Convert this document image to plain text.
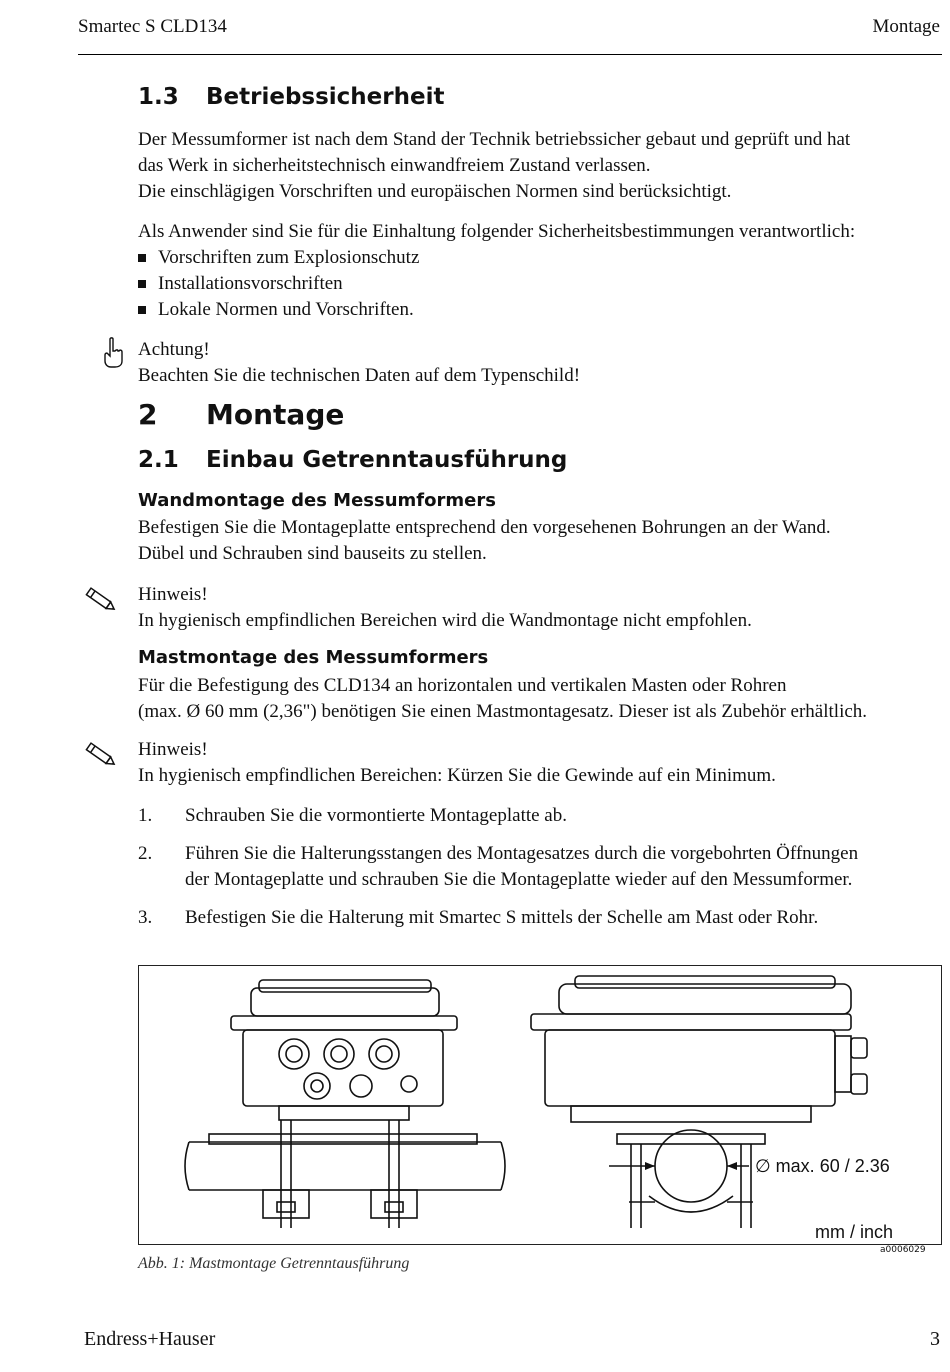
Smartec S CLD134	Montage
1.3 Betriebssicherheit
Der Messumformer ist nach dem Stand der Technik betriebssicher gebaut und geprüft und hat
das Werk in sicherheitstechnisch einwandfreiem Zustand verlassen.
Die einschlägigen Vorschriften und europäischen Normen sind berücksichtigt.
Als Anwender sind Sie für die Einhaltung folgender Sicherheitsbestimmungen verantwortlich:
Vorschriften zum Explosionschutz
Installationsvorschriften
Lokale Normen und Vorschriften.
Achtung!
Beachten Sie die technischen Daten auf dem Typenschild!
2 Montage
2.1 Einbau Getrenntausführung
Wandmontage des Messumformers
Befestigen Sie die Montageplatte entsprechend den vorgesehenen Bohrungen an der Wand.
Dübel und Schrauben sind bauseits zu stellen.
Hinweis!
In hygienisch empfindlichen Bereichen wird die Wandmontage nicht empfohlen.
Mastmontage des Messumformers
Für die Befestigung des CLD134 an horizontalen und vertikalen Masten oder Rohren
(max. Ø 60 mm (2,36") benötigen Sie einen Mastmontagesatz. Dieser ist als Zubehör erhältlich.
Hinweis!
In hygienisch empfindlichen Bereichen: Kürzen Sie die Gewinde auf ein Minimum.
1.	Schrauben Sie die vormontierte Montageplatte ab.
2.	Führen Sie die Halterungsstangen des Montagesatzes durch die vorgebohrten Öffnungen
der Montageplatte und schrauben Sie die Montageplatte wieder auf den Messumformer.
3.	Befestigen Sie die Halterung mit Smartec S mittels der Schelle am Mast oder Rohr.
∅ max. 60 / 2.36
mm / inch
a0006029
Abb. 1: Mastmontage Getrenntausführung
Endress+Hauser	3
